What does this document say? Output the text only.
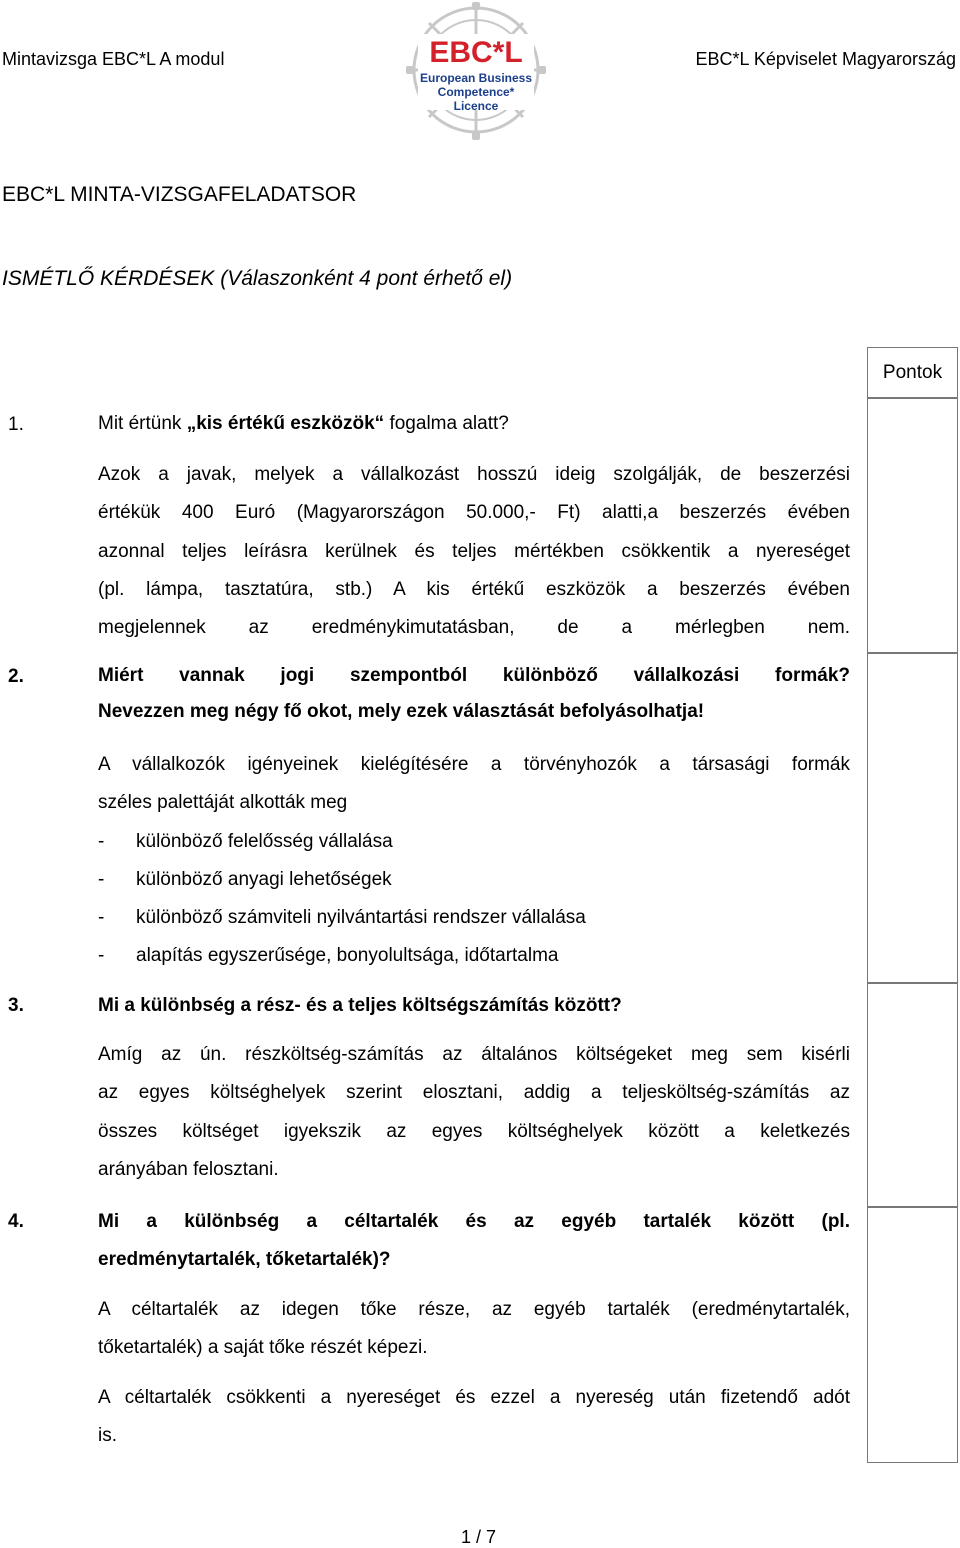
Mintavizsga EBC*L A modul	EBC*L Képviselet Magyarország
EBC*L
European Business
Competence*
Licence
EBC*L MINTA-VIZSGAFELADATSOR
ISMÉTLŐ KÉRDÉSEK (Válaszonként 4 pont érhető el)
Pontok
1.	Mit értünk „kis értékű eszközök“ fogalma alatt?
Azok a javak, melyek a vállalkozást hosszú ideig szolgálják, de beszerzési
értékük 400 Euró (Magyarországon 50.000,- Ft) alatti,a beszerzés évében
azonnal teljes leírásra kerülnek és teljes mértékben csökkentik a nyereséget
(pl. lámpa, tasztatúra, stb.) A kis értékű eszközök a beszerzés évében
megjelennek az eredménykimutatásban, de a mérlegben nem.
2.	Miért vannak jogi szempontból különböző vállalkozási formák?
Nevezzen meg négy fő okot, mely ezek választását befolyásolhatja!
A vállalkozók igényeinek kielégítésére a törvényhozók a társasági formák
széles palettáját alkották meg
- különböző felelősség vállalása
- különböző anyagi lehetőségek
- különböző számviteli nyilvántartási rendszer vállalása
- alapítás egyszerűsége, bonyolultsága, időtartalma
3.	Mi a különbség a rész- és a teljes költségszámítás között?
Amíg az ún. részköltség-számítás az általános költségeket meg sem kisérli
az egyes költséghelyek szerint elosztani, addig a teljesköltség-számítás az
összes költséget igyekszik az egyes költséghelyek között a keletkezés
arányában felosztani.
4.	Mi a különbség a céltartalék és az egyéb tartalék között (pl.
eredménytartalék, tőketartalék)?
A céltartalék az idegen tőke része, az egyéb tartalék (eredménytartalék,
tőketartalék) a saját tőke részét képezi.
A céltartalék csökkenti a nyereséget és ezzel a nyereség után fizetendő adót
is.
1 / 7
